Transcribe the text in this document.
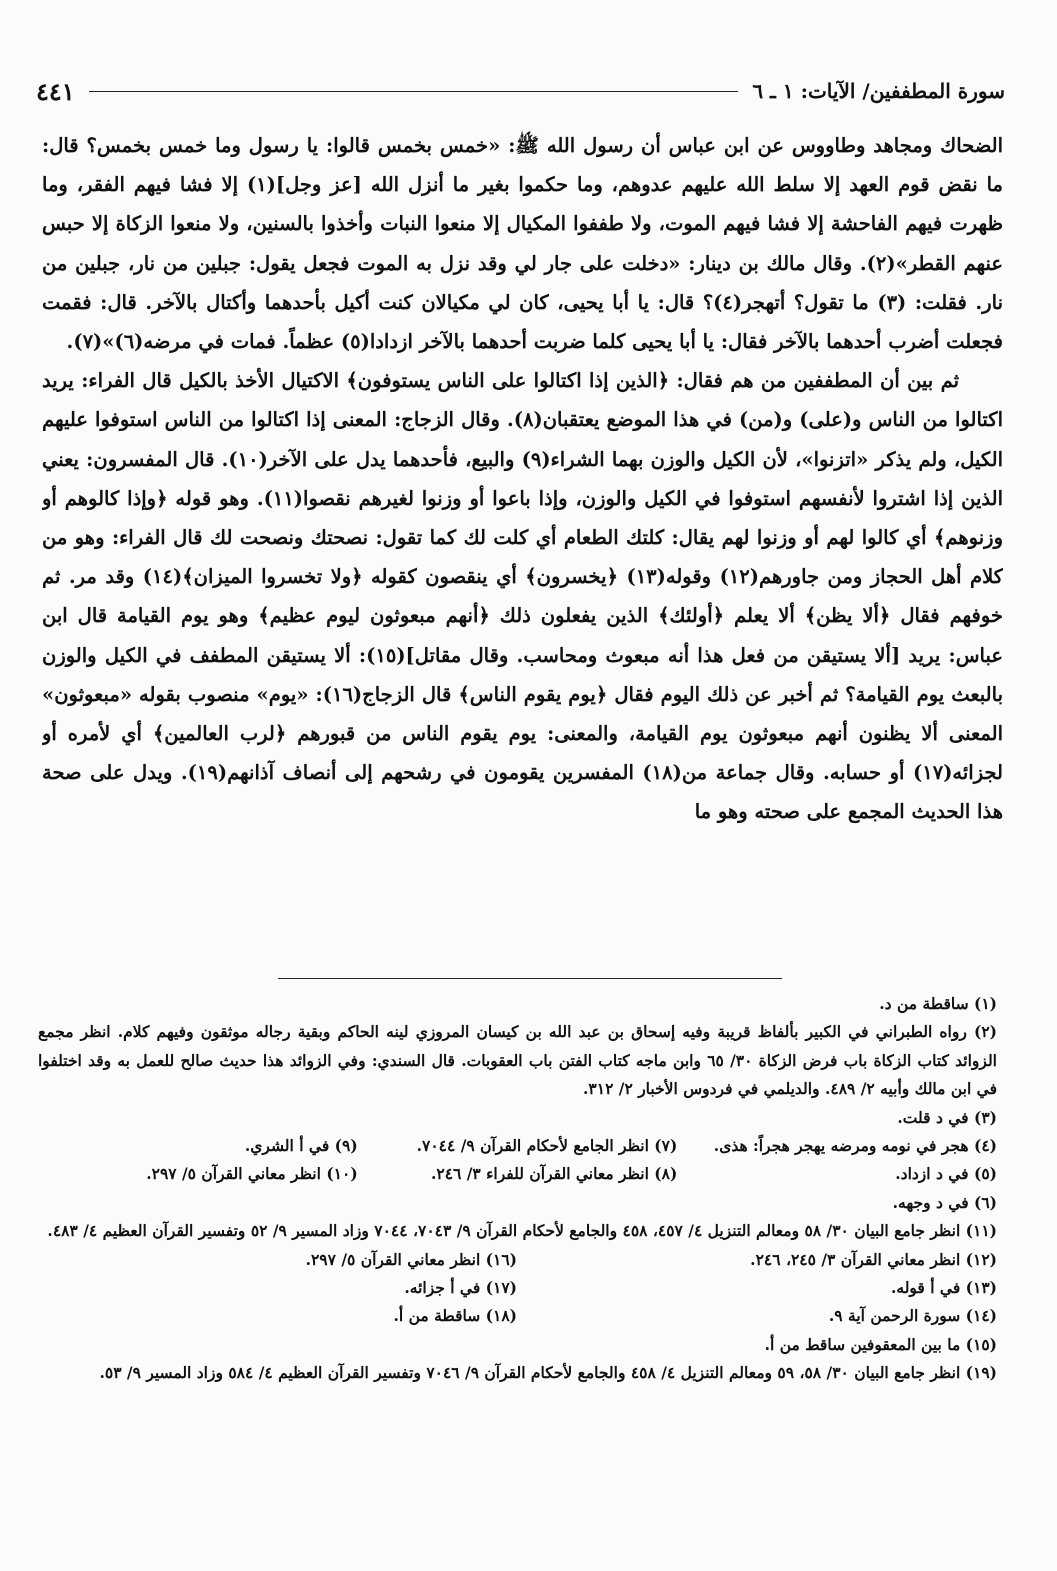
سورة المطففين/ الآيات: ١ ـ ٦
٤٤١

الضحاك ومجاهد وطاووس عن ابن عباس أن رسول الله ﷺ: «خمس بخمس قالوا: يا رسول وما خمس بخمس؟ قال: ما نقض قوم العهد إلا سلط الله عليهم عدوهم، وما حكموا بغير ما أنزل الله [عز وجل](١) إلا فشا فيهم الفقر، وما ظهرت فيهم الفاحشة إلا فشا فيهم الموت، ولا طففوا المكيال إلا منعوا النبات وأخذوا بالسنين، ولا منعوا الزكاة إلا حبس عنهم القطر»(٢). وقال مالك بن دينار: «دخلت على جار لي وقد نزل به الموت فجعل يقول: جبلين من نار، جبلين من نار. فقلت: (٣) ما تقول؟ أتهجر(٤)؟ قال: يا أبا يحيى، كان لي مكيالان كنت أكيل بأحدهما وأكتال بالآخر. قال: فقمت فجعلت أضرب أحدهما بالآخر فقال: يا أبا يحيى كلما ضربت أحدهما بالآخر ازدادا(٥) عظماً. فمات في مرضه(٦)»(٧).

ثم بين أن المطففين من هم فقال: ﴿الذين إذا اكتالوا على الناس يستوفون﴾ الاكتيال الأخذ بالكيل قال الفراء: يريد اكتالوا من الناس و(على) و(من) في هذا الموضع يعتقبان(٨). وقال الزجاج: المعنى إذا اكتالوا من الناس استوفوا عليهم الكيل، ولم يذكر «اتزنوا»، لأن الكيل والوزن بهما الشراء(٩) والبيع، فأحدهما يدل على الآخر(١٠). قال المفسرون: يعني الذين إذا اشتروا لأنفسهم استوفوا في الكيل والوزن، وإذا باعوا أو وزنوا لغيرهم نقصوا(١١). وهو قوله ﴿وإذا كالوهم أو وزنوهم﴾ أي كالوا لهم أو وزنوا لهم يقال: كلتك الطعام أي كلت لك كما تقول: نصحتك ونصحت لك قال الفراء: وهو من كلام أهل الحجاز ومن جاورهم(١٢) وقوله(١٣) ﴿يخسرون﴾ أي ينقصون كقوله ﴿ولا تخسروا الميزان﴾(١٤) وقد مر. ثم خوفهم فقال ﴿ألا يظن﴾ ألا يعلم ﴿أولئك﴾ الذين يفعلون ذلك ﴿أنهم مبعوثون ليوم عظيم﴾ وهو يوم القيامة قال ابن عباس: يريد [ألا يستيقن من فعل هذا أنه مبعوث ومحاسب. وقال مقاتل](١٥): ألا يستيقن المطفف في الكيل والوزن بالبعث يوم القيامة؟ ثم أخبر عن ذلك اليوم فقال ﴿يوم يقوم الناس﴾ قال الزجاج(١٦): «يوم» منصوب بقوله «مبعوثون» المعنى ألا يظنون أنهم مبعوثون يوم القيامة، والمعنى: يوم يقوم الناس من قبورهم ﴿لرب العالمين﴾ أي لأمره أو لجزائه(١٧) أو حسابه. وقال جماعة من(١٨) المفسرين يقومون في رشحهم إلى أنصاف آذانهم(١٩). ويدل على صحة هذا الحديث المجمع على صحته وهو ما

(١) ساقطة من د.

(٢) رواه الطبراني في الكبير بألفاظ قريبة وفيه إسحاق بن عبد الله بن كيسان المروزي لينه الحاكم وبقية رجاله موثقون وفيهم كلام. انظر مجمع الزوائد كتاب الزكاة باب فرض الزكاة ٣٠/ ٦٥ وابن ماجه كتاب الفتن باب العقوبات. قال السندي: وفي الزوائد هذا حديث صالح للعمل به وقد اختلفوا في ابن مالك وأبيه ٢/ ٤٨٩. والديلمي في فردوس الأخبار ٢/ ٣١٢.

(٣) في د قلت.

(٤) هجر في نومه ومرضه يهجر هجراً: هذى.
(٧) انظر الجامع لأحكام القرآن ٩/ ٧٠٤٤.
(٩) في أ الشري.
(٥) في د ازداد.
(٨) انظر معاني القرآن للفراء ٣/ ٢٤٦.
(١٠) انظر معاني القرآن ٥/ ٢٩٧.
(٦) في د وجهه.

(١١) انظر جامع البيان ٣٠/ ٥٨ ومعالم التنزيل ٤/ ٤٥٧، ٤٥٨ والجامع لأحكام القرآن ٩/ ٧٠٤٣، ٧٠٤٤ وزاد المسير ٩/ ٥٢ وتفسير القرآن العظيم ٤/ ٤٨٣.

(١٢) انظر معاني القرآن ٣/ ٢٤٥، ٢٤٦.
(١٣) في أ قوله.
(١٤) سورة الرحمن آية ٩.
(١٥) ما بين المعقوفين ساقط من أ.
(١٦) انظر معاني القرآن ٥/ ٢٩٧.
(١٧) في أ جزائه.
(١٨) ساقطة من أ.

(١٩) انظر جامع البيان ٣٠/ ٥٨، ٥٩ ومعالم التنزيل ٤/ ٤٥٨ والجامع لأحكام القرآن ٩/ ٧٠٤٦ وتفسير القرآن العظيم ٤/ ٥٨٤ وزاد المسير ٩/ ٥٣.
